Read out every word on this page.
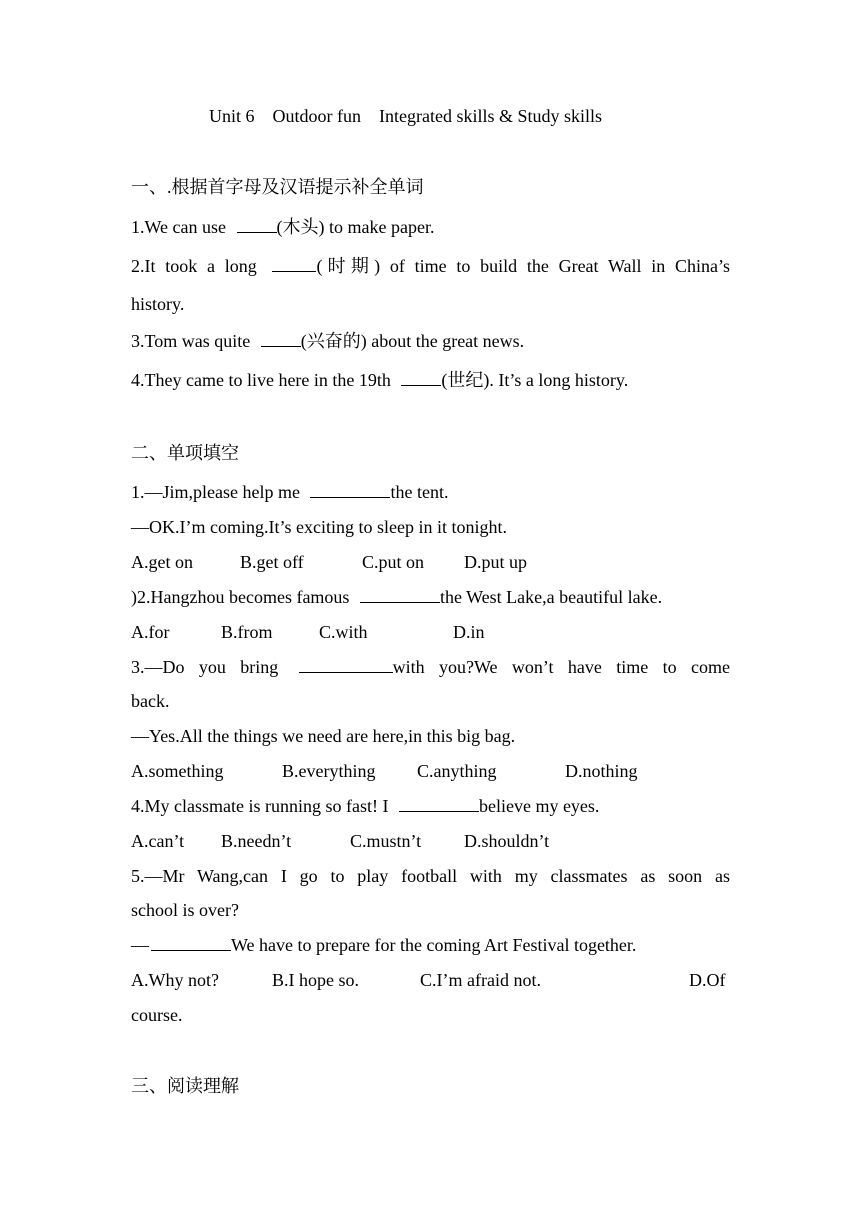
Unit 6    Outdoor fun    Integrated skills & Study skills
一、.根据首字母及汉语提示补全单词
1.We can use	(木头) to make paper.
2.It took a long	(时期) of time to build the Great Wall in China’s
history.
3.Tom was quite	(兴奋的) about the great news.
4.They came to live here in the 19th	(世纪). It’s a long history.
二、单项填空
1.—Jim,please help me	the tent.
—OK.I’m coming.It’s exciting to sleep in it tonight.
A.get on	B.get off	C.put on D.put up
)2.Hangzhou becomes famous	the West Lake,a beautiful lake.
A.for	B.from	C.with	D.in
3.—Do you bring	with you?We won’t have time to come
back.
—Yes.All the things we need are here,in this big bag.
A.something	B.everything C.anything	D.nothing
4.My classmate is running so fast! I	believe my eyes.
A.can’t B.needn’t	C.mustn’t D.shouldn’t
5.—Mr Wang,can I go to play football with my classmates as soon as
school is over?
—	We have to prepare for the coming Art Festival together.
A.Why not?	B.I hope so.	C.I’m afraid not.	D.Of
course.
三、阅读理解
